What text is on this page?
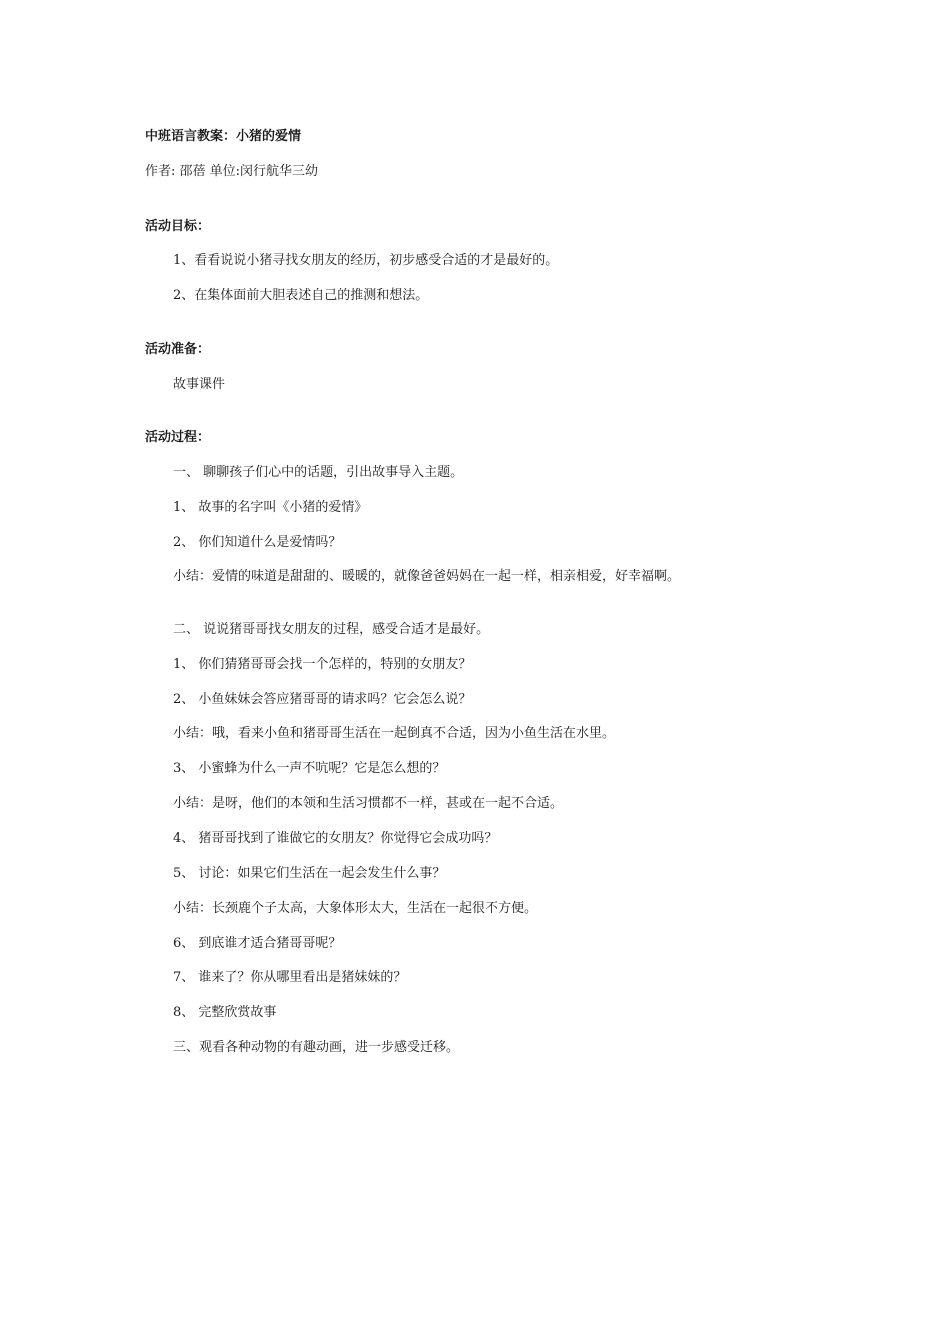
中班语言教案：小猪的爱情
作者: 邵蓓 单位:闵行航华三幼
活动目标：
1、看看说说小猪寻找女朋友的经历，初步感受合适的才是最好的。
2、在集体面前大胆表述自己的推测和想法。
活动准备：
故事课件
活动过程：
一、 聊聊孩子们心中的话题，引出故事导入主题。
1、 故事的名字叫《小猪的爱情》
2、 你们知道什么是爱情吗？
小结：爱情的味道是甜甜的、暖暖的，就像爸爸妈妈在一起一样，相亲相爱，好幸福啊。
二、 说说猪哥哥找女朋友的过程，感受合适才是最好。
1、 你们猜猪哥哥会找一个怎样的，特别的女朋友？
2、 小鱼妹妹会答应猪哥哥的请求吗？它会怎么说？
小结：哦，看来小鱼和猪哥哥生活在一起倒真不合适，因为小鱼生活在水里。
3、 小蜜蜂为什么一声不吭呢？它是怎么想的？
小结：是呀，他们的本领和生活习惯都不一样，甚或在一起不合适。
4、 猪哥哥找到了谁做它的女朋友？你觉得它会成功吗？
5、 讨论：如果它们生活在一起会发生什么事？
小结：长颈鹿个子太高，大象体形太大，生活在一起很不方便。
6、 到底谁才适合猪哥哥呢？
7、 谁来了？你从哪里看出是猪妹妹的？
8、 完整欣赏故事
三、观看各种动物的有趣动画，进一步感受迁移。
